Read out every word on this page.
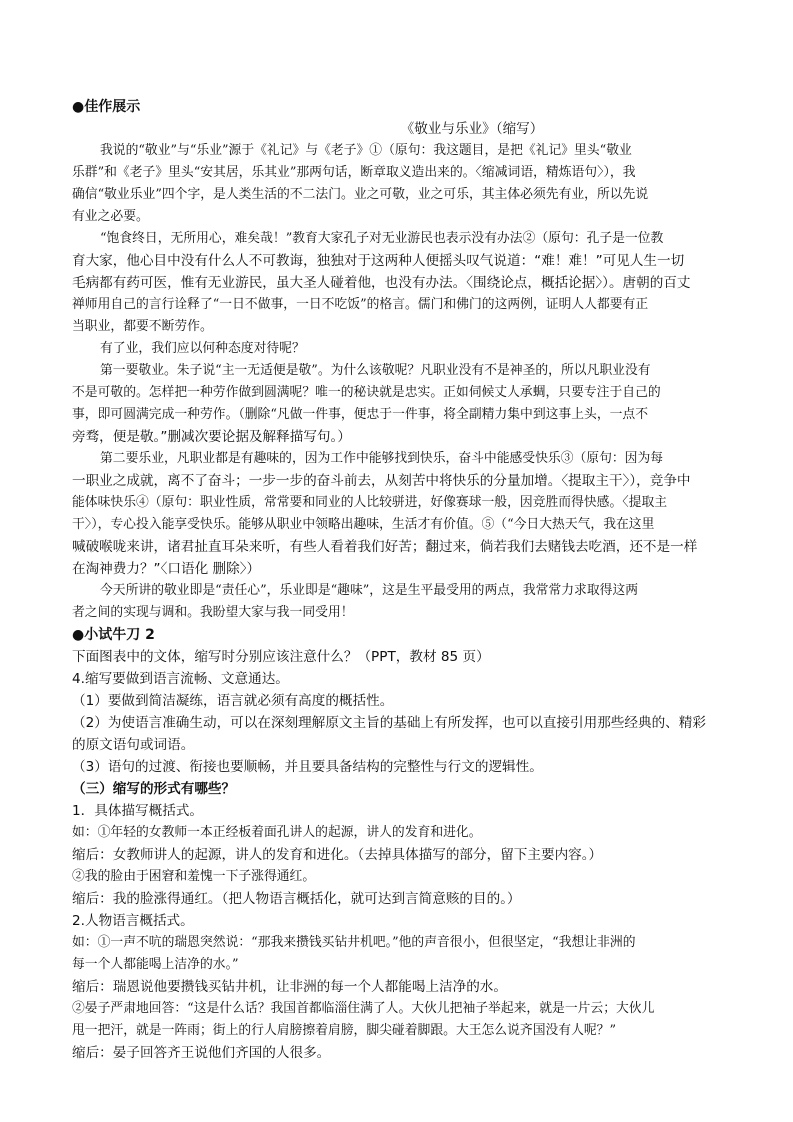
●佳作展示
《敬业与乐业》（缩写）
我说的“敬业”与“乐业”源于《礼记》与《老子》①（原句：我这题目，是把《礼记》里头“敬业
乐群”和《老子》里头“安其居，乐其业”那两句话，断章取义造出来的。〈缩减词语，精炼语句〉），我
确信“敬业乐业”四个字，是人类生活的不二法门。业之可敬，业之可乐，其主体必须先有业，所以先说
有业之必要。
“饱食终日，无所用心，难矣哉！”教育大家孔子对无业游民也表示没有办法②（原句：孔子是一位教
育大家，他心目中没有什么人不可教诲，独独对于这两种人便摇头叹气说道：“难！难！”可见人生一切
毛病都有药可医，惟有无业游民，虽大圣人碰着他，也没有办法。〈围绕论点，概括论据〉）。唐朝的百丈
禅师用自己的言行诠释了“一日不做事，一日不吃饭”的格言。儒门和佛门的这两例，证明人人都要有正
当职业，都要不断劳作。
有了业，我们应以何种态度对待呢？
第一要敬业。朱子说“主一无适便是敬”。为什么该敬呢？凡职业没有不是神圣的，所以凡职业没有
不是可敬的。怎样把一种劳作做到圆满呢？唯一的秘诀就是忠实。正如伺候丈人承蜩，只要专注于自己的
事，即可圆满完成一种劳作。（删除“凡做一件事，便忠于一件事，将全副精力集中到这事上头，一点不
旁骛，便是敬。”删减次要论据及解释描写句。）
第二要乐业，凡职业都是有趣味的，因为工作中能够找到快乐，奋斗中能感受快乐③（原句：因为每
一职业之成就，离不了奋斗；一步一步的奋斗前去，从刻苦中将快乐的分量加增。〈提取主干〉），竞争中
能体味快乐④（原句：职业性质，常常要和同业的人比较骈进，好像赛球一般，因竞胜而得快感。〈提取主
干〉），专心投入能享受快乐。能够从职业中领略出趣味，生活才有价值。⑤（“今日大热天气，我在这里
喊破喉咙来讲，诸君扯直耳朵来听，有些人看着我们好苦；翻过来，倘若我们去赌钱去吃酒，还不是一样
在淘神费力？”〈口语化 删除〉）
今天所讲的敬业即是“责任心”，乐业即是“趣味”，这是生平最受用的两点，我常常力求取得这两
者之间的实现与调和。我盼望大家与我一同受用！
●小试牛刀 2
下面图表中的文体，缩写时分别应该注意什么？（PPT，教材 85 页）
4.缩写要做到语言流畅、文意通达。
（1）要做到简洁凝练，语言就必须有高度的概括性。
（2）为使语言准确生动，可以在深刻理解原文主旨的基础上有所发挥，也可以直接引用那些经典的、精彩
的原文语句或词语。
（3）语句的过渡、衔接也要顺畅，并且要具备结构的完整性与行文的逻辑性。
（三）缩写的形式有哪些？
1．具体描写概括式。
如：①年轻的女教师一本正经板着面孔讲人的起源，讲人的发育和进化。
缩后：女教师讲人的起源，讲人的发育和进化。（去掉具体描写的部分，留下主要内容。）
②我的脸由于困窘和羞愧一下子涨得通红。
缩后：我的脸涨得通红。（把人物语言概括化，就可达到言简意赅的目的。）
2.人物语言概括式。
如：①一声不吭的瑞恩突然说：“那我来攒钱买钻井机吧。”他的声音很小，但很坚定，“我想让非洲的
每一个人都能喝上洁净的水。”
缩后：瑞恩说他要攒钱买钻井机，让非洲的每一个人都能喝上洁净的水。
②晏子严肃地回答：“这是什么话？我国首都临淄住满了人。大伙儿把袖子举起来，就是一片云；大伙儿
甩一把汗，就是一阵雨；街上的行人肩膀擦着肩膀，脚尖碰着脚跟。大王怎么说齐国没有人呢？”
缩后：晏子回答齐王说他们齐国的人很多。
